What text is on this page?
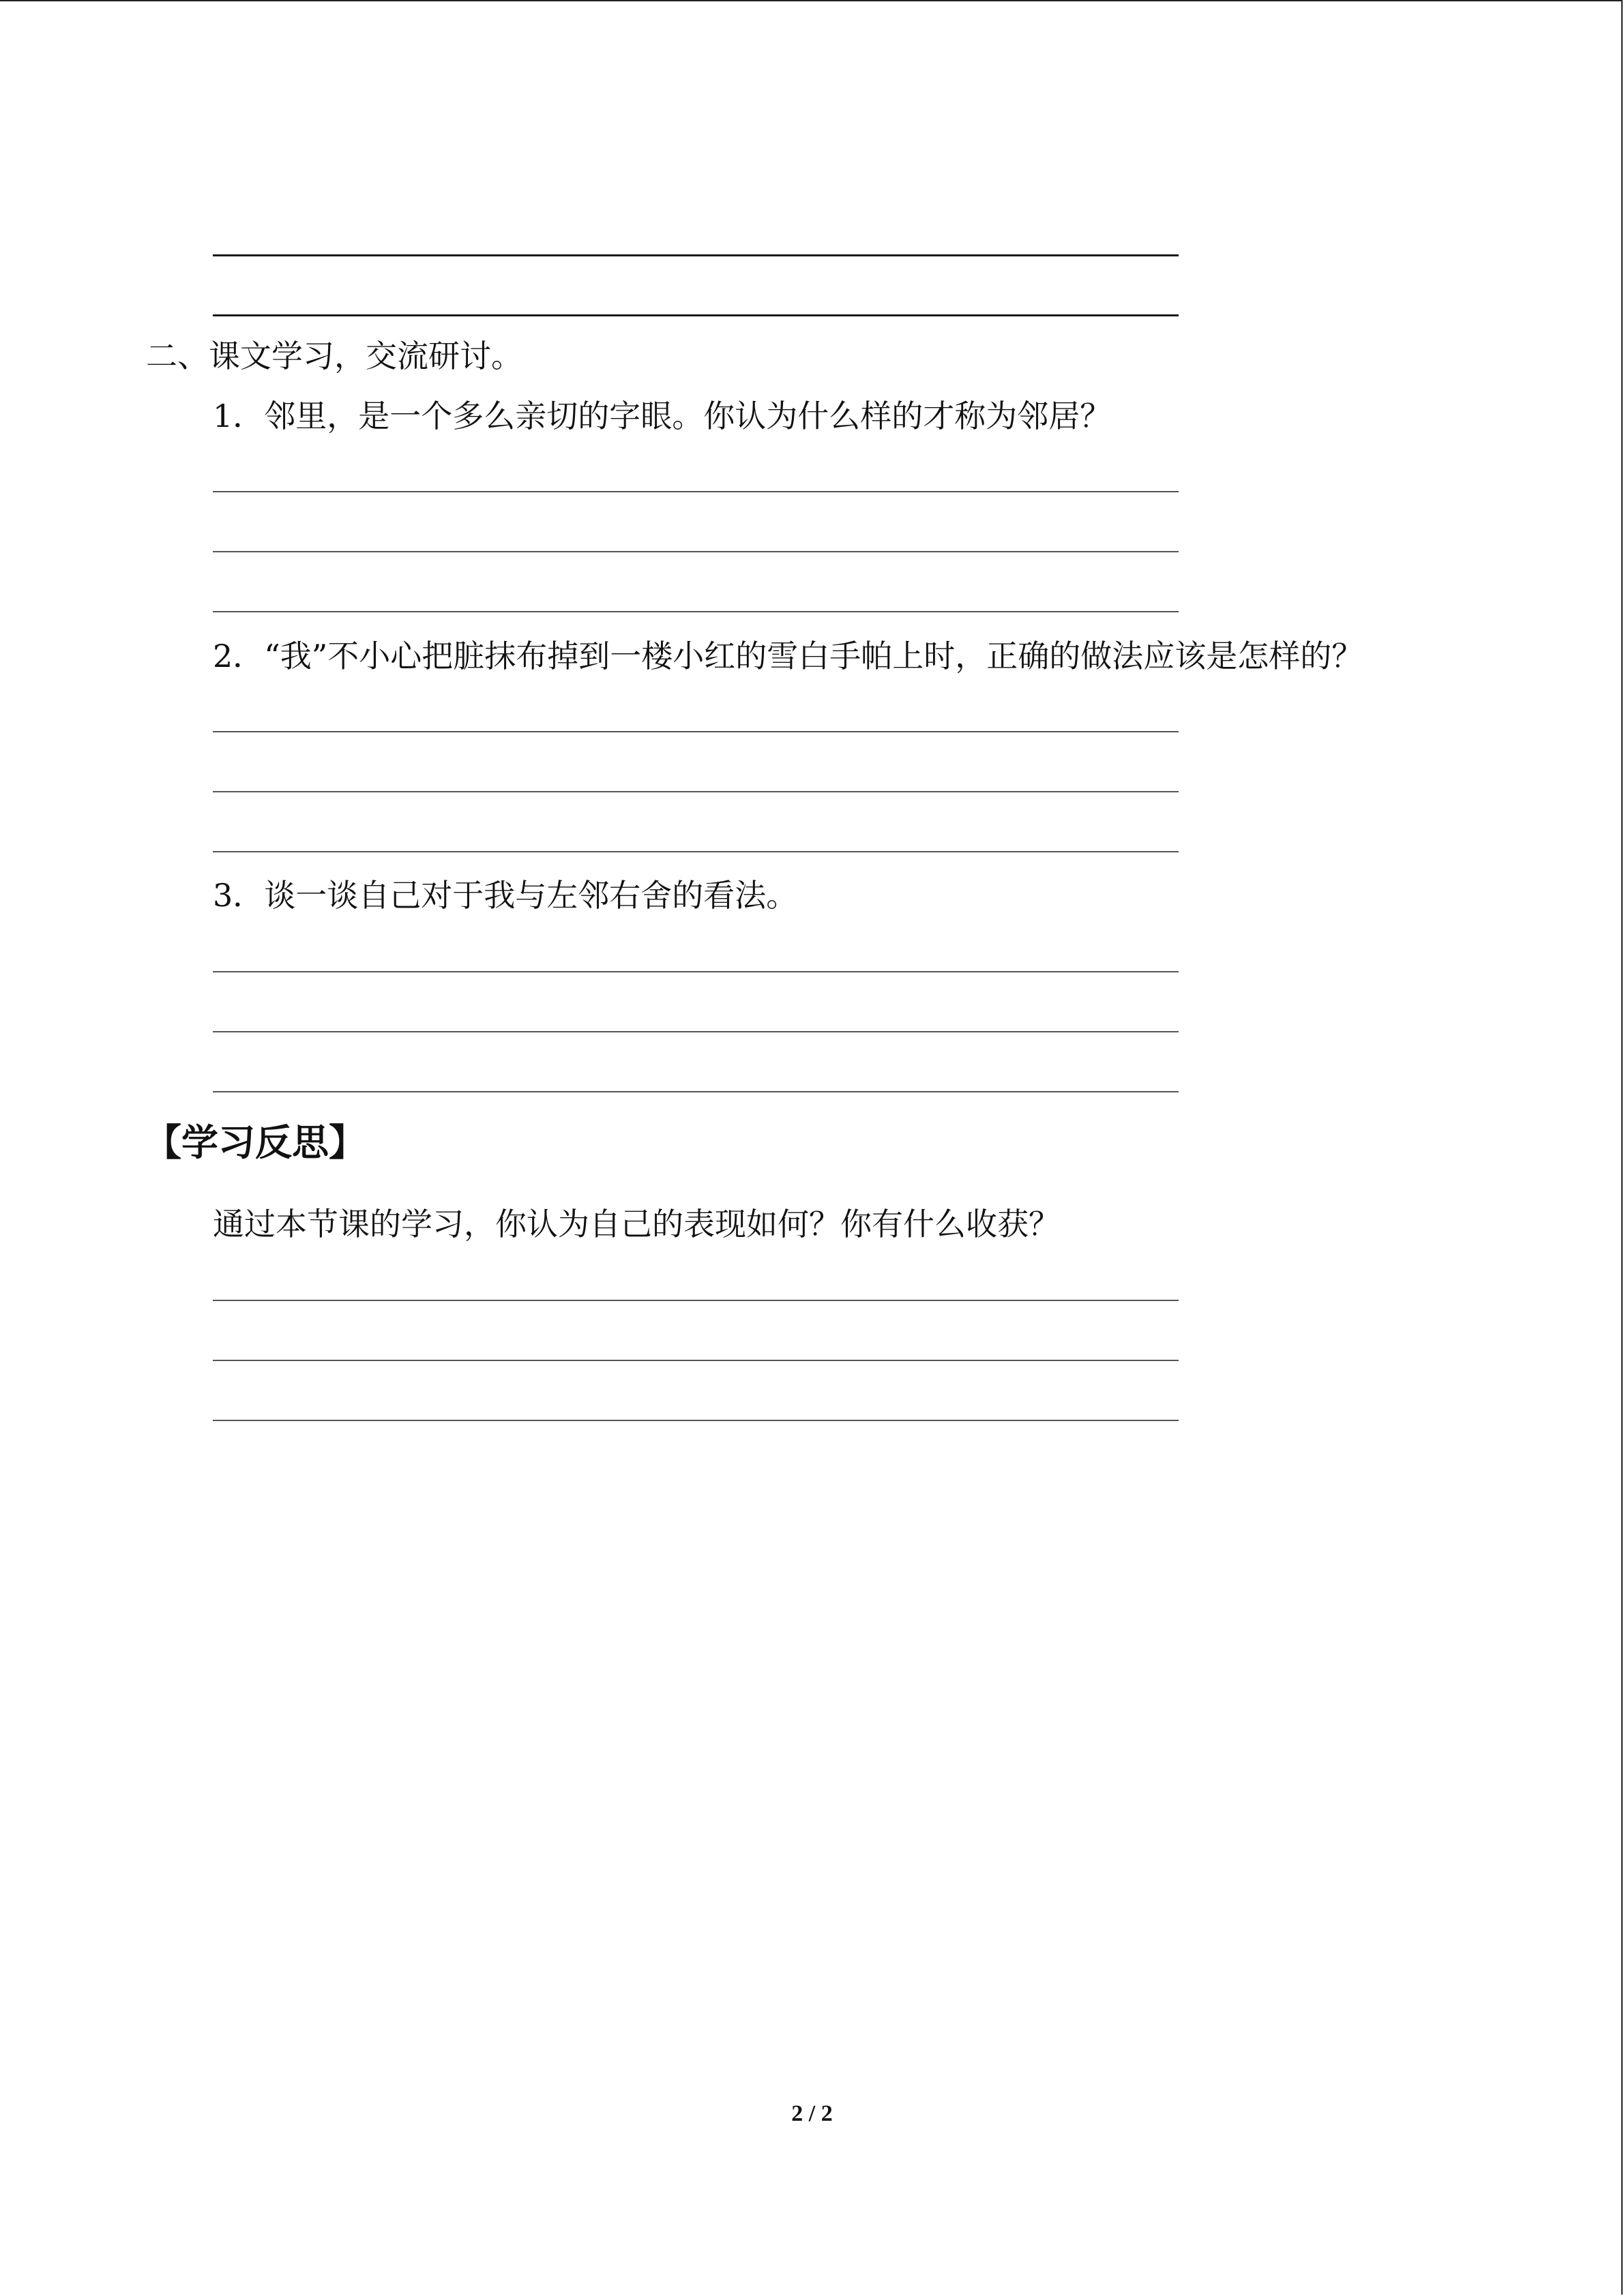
二、课文学习，交流研讨。
1．邻里，是一个多么亲切的字眼。你认为什么样的才称为邻居？
2．“我”不小心把脏抹布掉到一楼小红的雪白手帕上时，正确的做法应该是怎样的？
3．谈一谈自己对于我与左邻右舍的看法。
【学习反思】
通过本节课的学习，你认为自己的表现如何？你有什么收获？
2 / 2
